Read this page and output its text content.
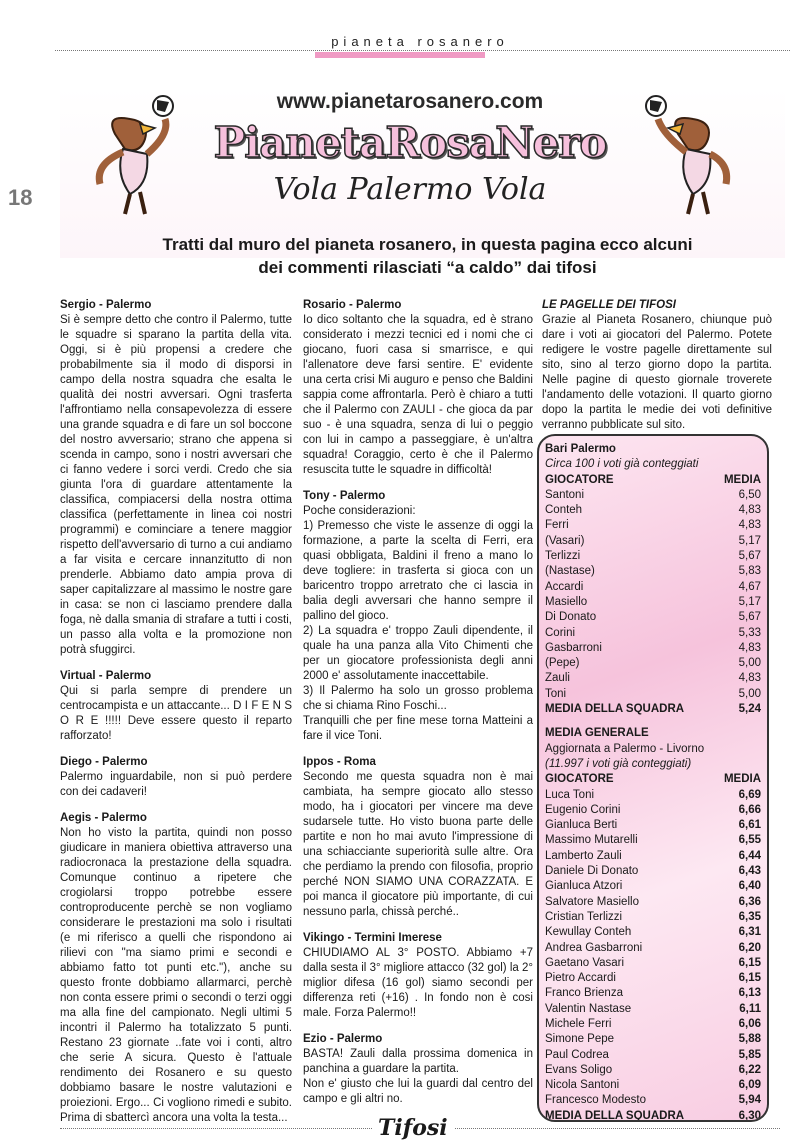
pianeta rosanero
18
www.pianetarosanero.com
PianetaRosaNero
Vola Palermo Vola
Tratti dal muro del pianeta rosanero, in questa pagina ecco alcuni
dei commenti rilasciati “a caldo” dai tifosi
Sergio - Palermo
Si è sempre detto che contro il Palermo, tutte le squadre si sparano la partita della vita. Oggi, si è più propensi a credere che probabilmente sia il modo di disporsi in campo della nostra squadra che esalta le qualità dei nostri avversari. Ogni trasferta l'affrontiamo nella consapevolezza di essere una grande squadra e di fare un sol boccone del nostro avversario; strano che appena si scenda in campo, sono i nostri avversari che ci fanno vedere i sorci verdi. Credo che sia giunta l'ora di guardare attentamente la classifica, compiacersi della nostra ottima classifica (perfettamente in linea coi nostri programmi) e cominciare a tenere maggior rispetto dell'avversario di turno a cui andiamo a far visita e cercare innanzitutto di non prenderle. Abbiamo dato ampia prova di saper capitalizzare al massimo le nostre gare in casa: se non ci lasciamo prendere dalla foga, nè dalla smania di strafare a tutti i costi, un passo alla volta e la promozione non potrà sfuggirci.
Virtual - Palermo
Qui si parla sempre di prendere un centrocampista e un attaccante... D I F E N S O R E !!!!! Deve essere questo il reparto rafforzato!
Diego - Palermo
Palermo inguardabile, non si può perdere con dei cadaveri!
Aegis - Palermo
Non ho visto la partita, quindi non posso giudicare in maniera obiettiva attraverso una radiocronaca la prestazione della squadra. Comunque continuo a ripetere che crogiolarsi troppo potrebbe essere controproducente perchè se non vogliamo considerare le prestazioni ma solo i risultati (e mi riferisco a quelli che rispondono ai rilievi con "ma siamo primi e secondi e abbiamo fatto tot punti etc."), anche su questo fronte dobbiamo allarmarci, perchè non conta essere primi o secondi o terzi oggi ma alla fine del campionato. Negli ultimi 5 incontri il Palermo ha totalizzato 5 punti. Restano 23 giornate ..fate voi i conti, altro che serie A sicura. Questo è l'attuale rendimento dei Rosanero e su questo dobbiamo basare le nostre valutazioni e proiezioni. Ergo... Ci vogliono rimedi e subito. Prima di sbattercì ancora una volta la testa...
Rosario - Palermo
Io dico soltanto che la squadra, ed è strano considerato i mezzi tecnici ed i nomi che ci giocano, fuori casa si smarrisce, e qui l'allenatore deve farsi sentire. E' evidente una certa crisi Mi auguro e penso che Baldini sappia come affrontarla. Però è chiaro a tutti che il Palermo con ZAULI - che gioca da par suo - è una squadra, senza di lui o peggio con lui in campo a passeggiare, è un'altra squadra! Coraggio, certo è che il Palermo resuscita tutte le squadre in difficoltà!
Tony - Palermo
Poche considerazioni:
1) Premesso che viste le assenze di oggi la formazione, a parte la scelta di Ferri, era quasi obbligata, Baldini il freno a mano lo deve togliere: in trasferta si gioca con un baricentro troppo arretrato che ci lascia in balia degli avversari che hanno sempre il pallino del gioco.
2) La squadra e' troppo Zauli dipendente, il quale ha una panza alla Vito Chimenti che per un giocatore professionista degli anni 2000 e' assolutamente inaccettabile.
3) Il Palermo ha solo un grosso problema che si chiama Rino Foschi...
Tranquilli che per fine mese torna Matteini a fare il vice Toni.
Ippos - Roma
Secondo me questa squadra non è mai cambiata, ha sempre giocato allo stesso modo, ha i giocatori per vincere ma deve sudarsele tutte. Ho visto buona parte delle partite e non ho mai avuto l'impressione di una schiacciante superiorità sulle altre. Ora che perdiamo la prendo con filosofia, proprio perché NON SIAMO UNA CORAZZATA. E poi manca il giocatore più importante, di cui nessuno parla, chissà perché..
Vikingo - Termini Imerese
CHIUDIAMO AL 3° POSTO. Abbiamo +7 dalla sesta il 3° migliore attacco (32 gol) la 2° miglior difesa (16 gol) siamo secondi per differenza reti (+16) . In fondo non è cosi male. Forza Palermo!!
Ezio - Palermo
BASTA! Zauli dalla prossima domenica in panchina a guardare la partita.
Non e' giusto che lui la guardi dal centro del campo e gli altri no.
LE PAGELLE DEI TIFOSI
Grazie al Pianeta Rosanero, chiunque può dare i voti ai giocatori del Palermo. Potete redigere le vostre pagelle direttamente sul sito, sino al terzo giorno dopo la partita. Nelle pagine di questo giornale troverete l'andamento delle votazioni. Il quarto giorno dopo la partita le medie dei voti definitive verranno pubblicate sul sito.
Bari Palermo
Circa 100 i voti già conteggiati
GIOCATORE	MEDIA
Santoni	6,50
Conteh	4,83
Ferri	4,83
(Vasari)	5,17
Terlizzi	5,67
(Nastase)	5,83
Accardi	4,67
Masiello	5,17
Di Donato	5,67
Corini	5,33
Gasbarroni	4,83
(Pepe)	5,00
Zauli	4,83
Toni	5,00
MEDIA DELLA SQUADRA	5,24
MEDIA GENERALE
Aggiornata a Palermo - Livorno
(11.997 i voti già conteggiati)
GIOCATORE	MEDIA
Luca Toni	6,69
Eugenio Corini	6,66
Gianluca Berti	6,61
Massimo Mutarelli	6,55
Lamberto Zauli	6,44
Daniele Di Donato	6,43
Gianluca Atzori	6,40
Salvatore Masiello	6,36
Cristian Terlizzi	6,35
Kewullay Conteh	6,31
Andrea Gasbarroni	6,20
Gaetano Vasari	6,15
Pietro Accardi	6,15
Franco Brienza	6,13
Valentin Nastase	6,11
Michele Ferri	6,06
Simone Pepe	5,88
Paul Codrea	5,85
Evans Soligo	6,22
Nicola Santoni	6,09
Francesco Modesto	5,94
MEDIA DELLA SQUADRA	6,30
Tifosi
